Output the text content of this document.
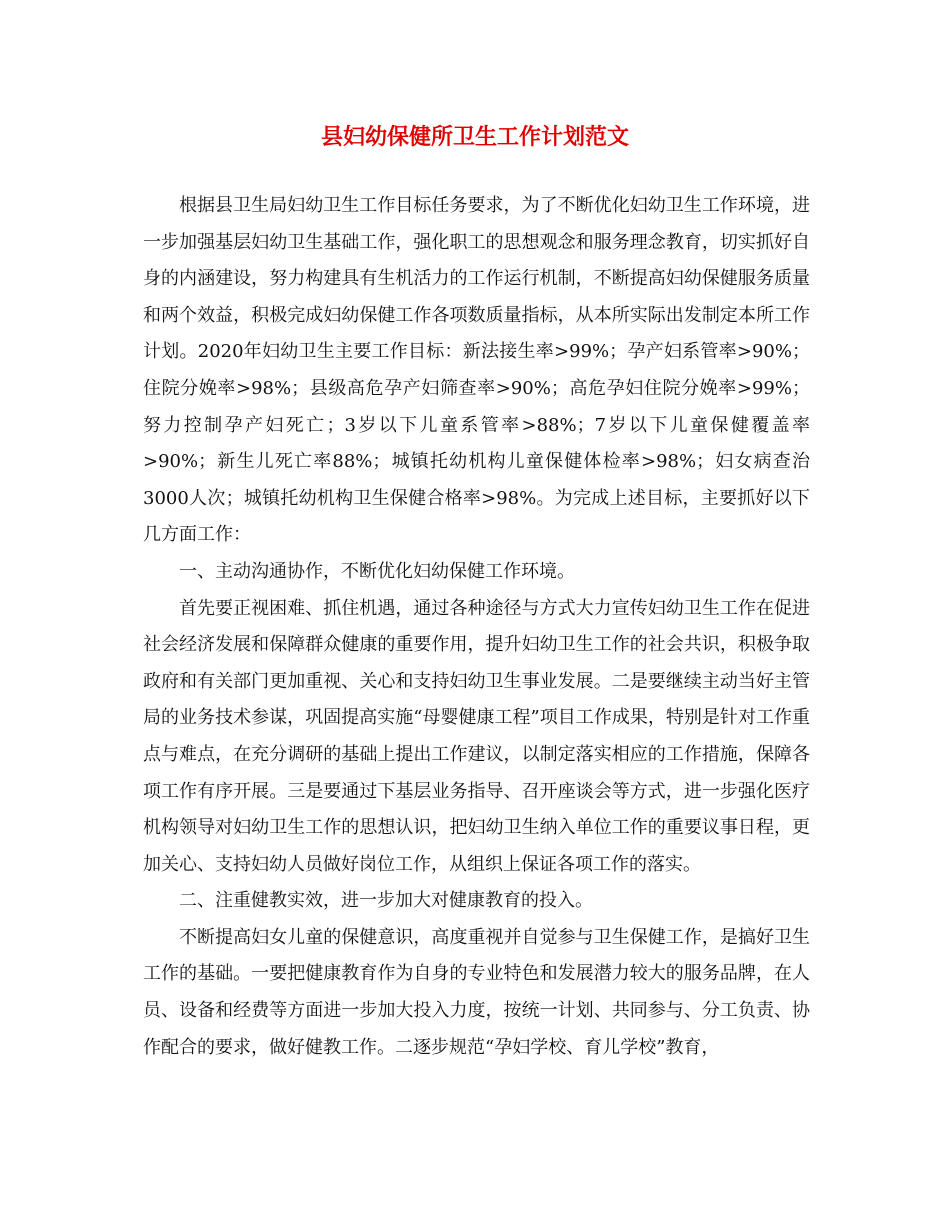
县妇幼保健所卫生工作计划范文

根据县卫生局妇幼卫生工作目标任务要求，为了不断优化妇幼卫生工作环境，进一步加强基层妇幼卫生基础工作，强化职工的思想观念和服务理念教育，切实抓好自身的内涵建设，努力构建具有生机活力的工作运行机制，不断提高妇幼保健服务质量和两个效益，积极完成妇幼保健工作各项数质量指标，从本所实际出发制定本所工作计划。2020年妇幼卫生主要工作目标：新法接生率>99%；孕产妇系管率>90%；住院分娩率>98%；县级高危孕产妇筛查率>90%；高危孕妇住院分娩率>99%；努力控制孕产妇死亡；3岁以下儿童系管率>88%；7岁以下儿童保健覆盖率>90%；新生儿死亡率88%；城镇托幼机构儿童保健体检率>98%；妇女病查治3000人次；城镇托幼机构卫生保健合格率>98%。为完成上述目标，主要抓好以下几方面工作：

一、主动沟通协作，不断优化妇幼保健工作环境。

首先要正视困难、抓住机遇，通过各种途径与方式大力宣传妇幼卫生工作在促进社会经济发展和保障群众健康的重要作用，提升妇幼卫生工作的社会共识，积极争取政府和有关部门更加重视、关心和支持妇幼卫生事业发展。二是要继续主动当好主管局的业务技术参谋，巩固提高实施“母婴健康工程”项目工作成果，特别是针对工作重点与难点，在充分调研的基础上提出工作建议，以制定落实相应的工作措施，保障各项工作有序开展。三是要通过下基层业务指导、召开座谈会等方式，进一步强化医疗机构领导对妇幼卫生工作的思想认识，把妇幼卫生纳入单位工作的重要议事日程，更加关心、支持妇幼人员做好岗位工作，从组织上保证各项工作的落实。

二、注重健教实效，进一步加大对健康教育的投入。

不断提高妇女儿童的保健意识，高度重视并自觉参与卫生保健工作，是搞好卫生工作的基础。一要把健康教育作为自身的专业特色和发展潜力较大的服务品牌，在人员、设备和经费等方面进一步加大投入力度，按统一计划、共同参与、分工负责、协作配合的要求，做好健教工作。二逐步规范“孕妇学校、育儿学校”教育，
